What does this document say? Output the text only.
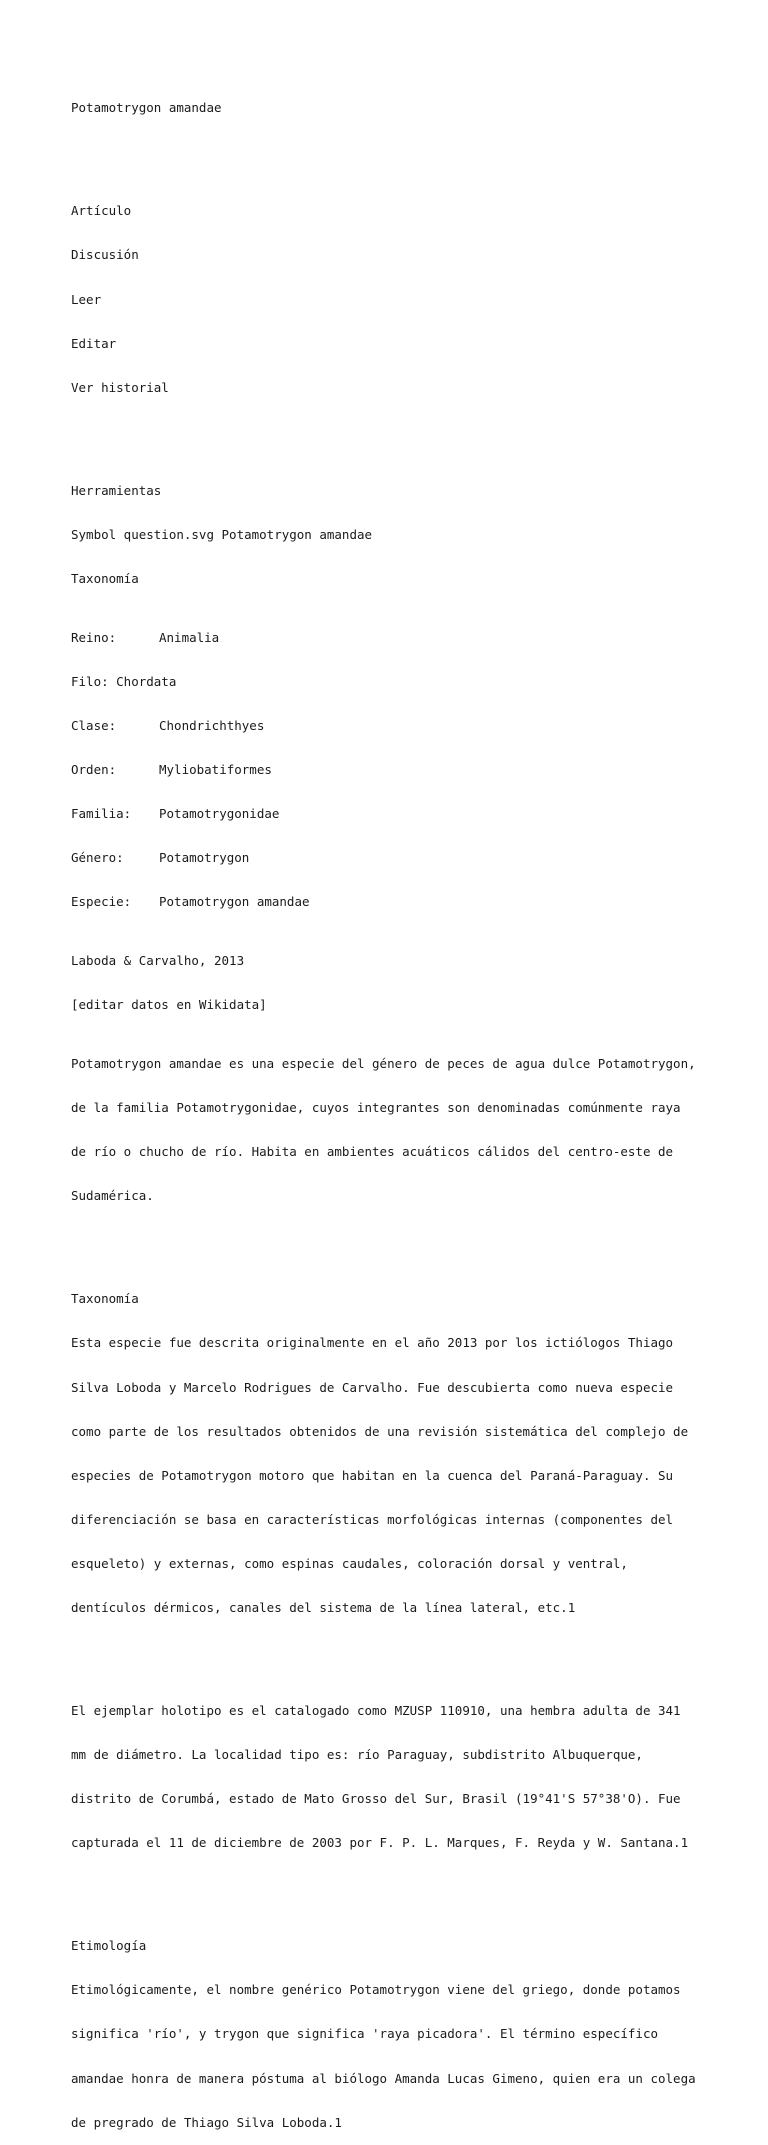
Potamotrygon amandae

Artículo

Discusión

Leer

Editar

Ver historial

Herramientas

Symbol question.svg Potamotrygon amandae

Taxonomía

Reino:	Animalia

Filo: Chordata

Clase:	Chondrichthyes

Orden:	Myliobatiformes

Familia: Potamotrygonidae

Género:	Potamotrygon

Especie: Potamotrygon amandae

Laboda & Carvalho, 2013

[editar datos en Wikidata]

Potamotrygon amandae es una especie del género de peces de agua dulce Potamotrygon,

de la familia Potamotrygonidae, cuyos integrantes son denominadas comúnmente raya

de río o chucho de río. Habita en ambientes acuáticos cálidos del centro-este de

Sudamérica.

Taxonomía

Esta especie fue descrita originalmente en el año 2013 por los ictiólogos Thiago

Silva Loboda y Marcelo Rodrigues de Carvalho. Fue descubierta como nueva especie

como parte de los resultados obtenidos de una revisión sistemática del complejo de

especies de Potamotrygon motoro que habitan en la cuenca del Paraná-Paraguay. Su

diferenciación se basa en características morfológicas internas (componentes del

esqueleto) y externas, como espinas caudales, coloración dorsal y ventral,

dentículos dérmicos, canales del sistema de la línea lateral, etc.1

El ejemplar holotipo es el catalogado como MZUSP 110910, una hembra adulta de 341

mm de diámetro. La localidad tipo es: río Paraguay, subdistrito Albuquerque,

distrito de Corumbá, estado de Mato Grosso del Sur, Brasil (19°41'S 57°38'O). Fue

capturada el 11 de diciembre de 2003 por F. P. L. Marques, F. Reyda y W. Santana.1

Etimología

Etimológicamente, el nombre genérico Potamotrygon viene del griego, donde potamos

significa 'río', y trygon que significa 'raya picadora'. El término específico

amandae honra de manera póstuma al biólogo Amanda Lucas Gimeno, quien era un colega

de pregrado de Thiago Silva Loboda.1
